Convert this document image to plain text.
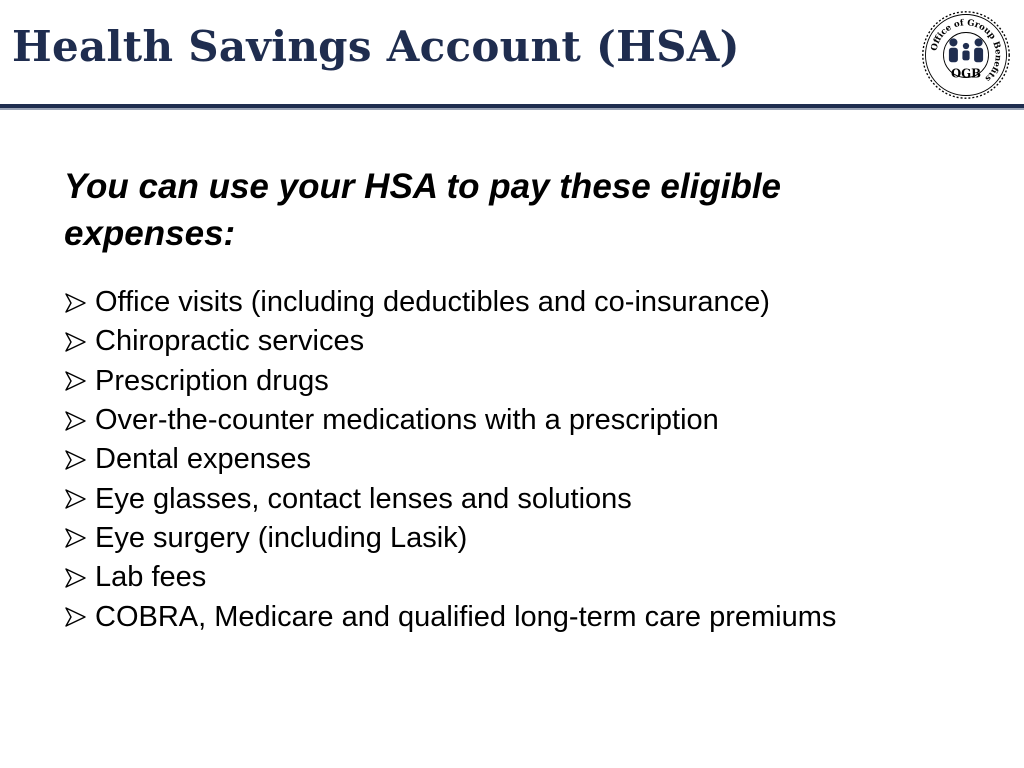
Health Savings Account (HSA)	Office of Group Benefits
OGB
You can use your HSA to pay these eligible expenses:
Office visits (including deductibles and co-insurance)
Chiropractic services
Prescription drugs
Over-the-counter medications with a prescription
Dental expenses
Eye glasses, contact lenses and solutions
Eye surgery (including Lasik)
Lab fees
COBRA, Medicare and qualified long-term care premiums
